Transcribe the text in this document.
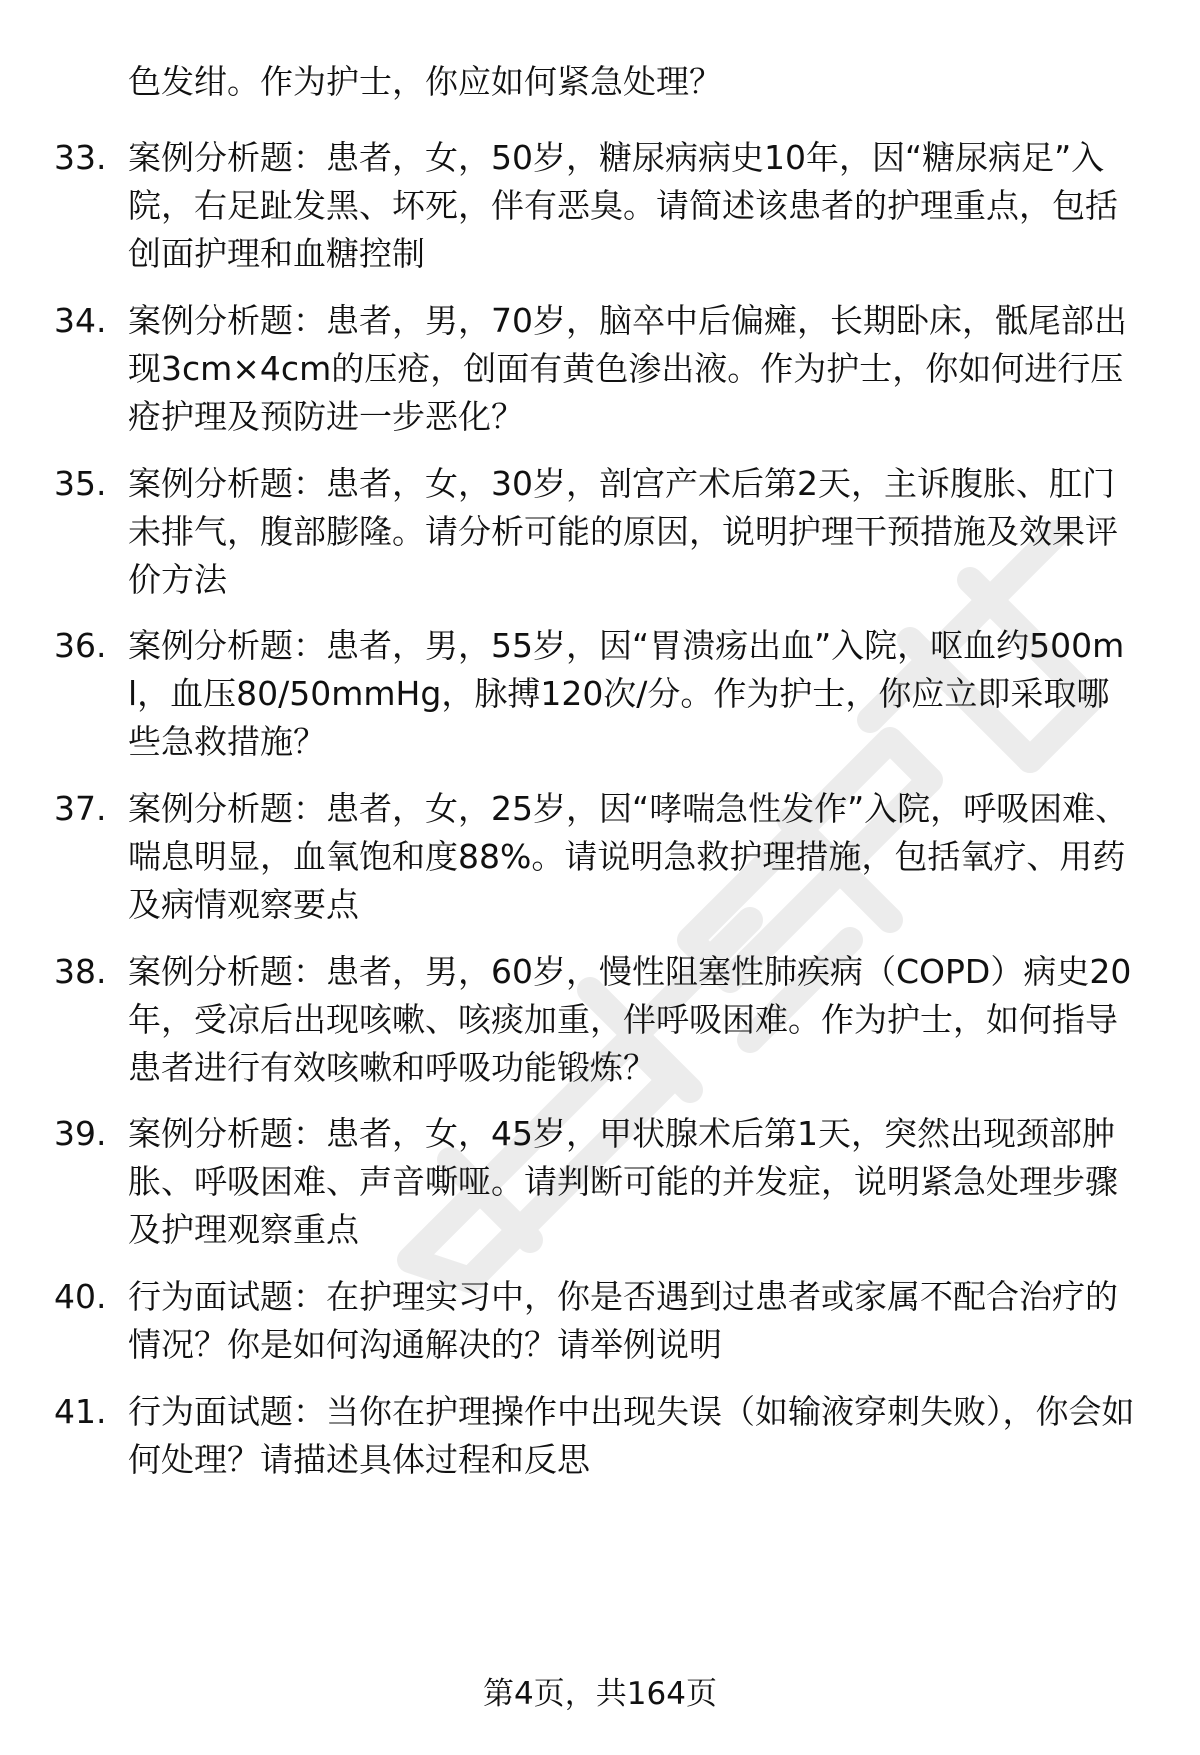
色发绀。作为护士，你应如何紧急处理？
33. 案例分析题：患者，女，50岁，糖尿病病史10年，因“糖尿病足”入院，右足趾发黑、坏死，伴有恶臭。请简述该患者的护理重点，包括创面护理和血糖控制
34. 案例分析题：患者，男，70岁，脑卒中后偏瘫，长期卧床，骶尾部出现3cm×4cm的压疮，创面有黄色渗出液。作为护士，你如何进行压疮护理及预防进一步恶化？
35. 案例分析题：患者，女，30岁，剖宫产术后第2天，主诉腹胀、肛门未排气，腹部膨隆。请分析可能的原因，说明护理干预措施及效果评价方法
36. 案例分析题：患者，男，55岁，因“胃溃疡出血”入院，呕血约500ml，血压80/50mmHg，脉搏120次/分。作为护士，你应立即采取哪些急救措施？
37. 案例分析题：患者，女，25岁，因“哮喘急性发作”入院，呼吸困难、喘息明显，血氧饱和度88%。请说明急救护理措施，包括氧疗、用药及病情观察要点
38. 案例分析题：患者，男，60岁，慢性阻塞性肺疾病（COPD）病史20年，受凉后出现咳嗽、咳痰加重，伴呼吸困难。作为护士，如何指导患者进行有效咳嗽和呼吸功能锻炼？
39. 案例分析题：患者，女，45岁，甲状腺术后第1天，突然出现颈部肿胀、呼吸困难、声音嘶哑。请判断可能的并发症，说明紧急处理步骤及护理观察重点
40. 行为面试题：在护理实习中，你是否遇到过患者或家属不配合治疗的情况？你是如何沟通解决的？请举例说明
41. 行为面试题：当你在护理操作中出现失误（如输液穿刺失败），你会如何处理？请描述具体过程和反思
第4页，共164页
